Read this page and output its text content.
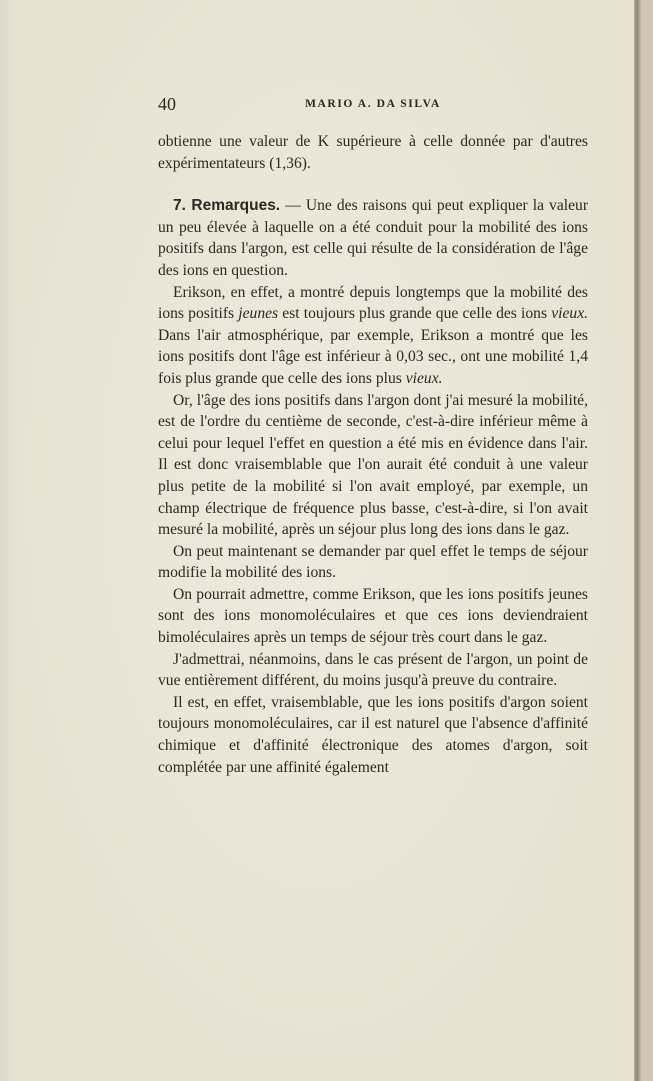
40	MARIO A. DA SILVA

obtienne une valeur de K supérieure à celle donnée par d'autres expérimentateurs (1,36).

7. Remarques. — Une des raisons qui peut expliquer la valeur un peu élevée à laquelle on a été conduit pour la mobilité des ions positifs dans l'argon, est celle qui résulte de la considération de l'âge des ions en question.

Erikson, en effet, a montré depuis longtemps que la mobilité des ions positifs jeunes est toujours plus grande que celle des ions vieux. Dans l'air atmosphérique, par exemple, Erikson a montré que les ions positifs dont l'âge est inférieur à 0,03 sec., ont une mobilité 1,4 fois plus grande que celle des ions plus vieux.

Or, l'âge des ions positifs dans l'argon dont j'ai mesuré la mobilité, est de l'ordre du centième de seconde, c'est-à-dire inférieur même à celui pour lequel l'effet en question a été mis en évidence dans l'air. Il est donc vraisemblable que l'on aurait été conduit à une valeur plus petite de la mobilité si l'on avait employé, par exemple, un champ électrique de fréquence plus basse, c'est-à-dire, si l'on avait mesuré la mobilité, après un séjour plus long des ions dans le gaz.

On peut maintenant se demander par quel effet le temps de séjour modifie la mobilité des ions.

On pourrait admettre, comme Erikson, que les ions positifs jeunes sont des ions monomoléculaires et que ces ions deviendraient bimoléculaires après un temps de séjour très court dans le gaz.

J'admettrai, néanmoins, dans le cas présent de l'argon, un point de vue entièrement différent, du moins jusqu'à preuve du contraire.

Il est, en effet, vraisemblable, que les ions positifs d'argon soient toujours monomoléculaires, car il est naturel que l'absence d'affinité chimique et d'affinité électronique des atomes d'argon, soit complétée par une affinité également
